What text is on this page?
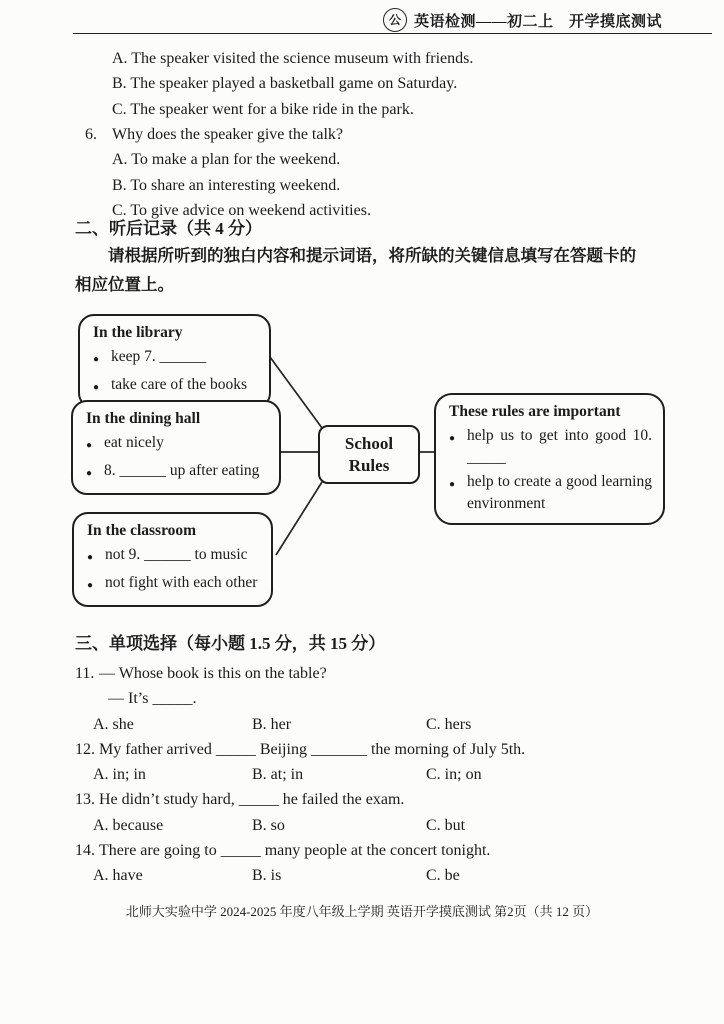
公 英语检测——初二上　开学摸底测试
A. The speaker visited the science museum with friends.
B. The speaker played a basketball game on Saturday.
C. The speaker went for a bike ride in the park.
6. Why does the speaker give the talk?
A. To make a plan for the weekend.
B. To share an interesting weekend.
C. To give advice on weekend activities.
二、听后记录（共 4 分）
请根据所听到的独白内容和提示词语，将所缺的关键信息填写在答题卡的
相应位置上。
In the library
● keep 7. ______
● take care of the books
In the dining hall
● eat nicely
● 8. ______ up after eating
In the classroom
● not 9. ______ to music
● not fight with each other
School Rules
These rules are important
● help us to get into good 10. _____
● help to create a good learning environment
三、单项选择（每小题 1.5 分，共 15 分）
11. — Whose book is this on the table?
— It’s _____.
A. she	B. her	C. hers
12. My father arrived _____ Beijing _______ the morning of July 5th.
A. in; in	B. at; in	C. in; on
13. He didn’t study hard, _____ he failed the exam.
A. because	B. so	C. but
14. There are going to _____ many people at the concert tonight.
A. have	B. is	C. be
北师大实验中学 2024-2025 年度八年级上学期 英语开学摸底测试 第2页（共 12 页）
